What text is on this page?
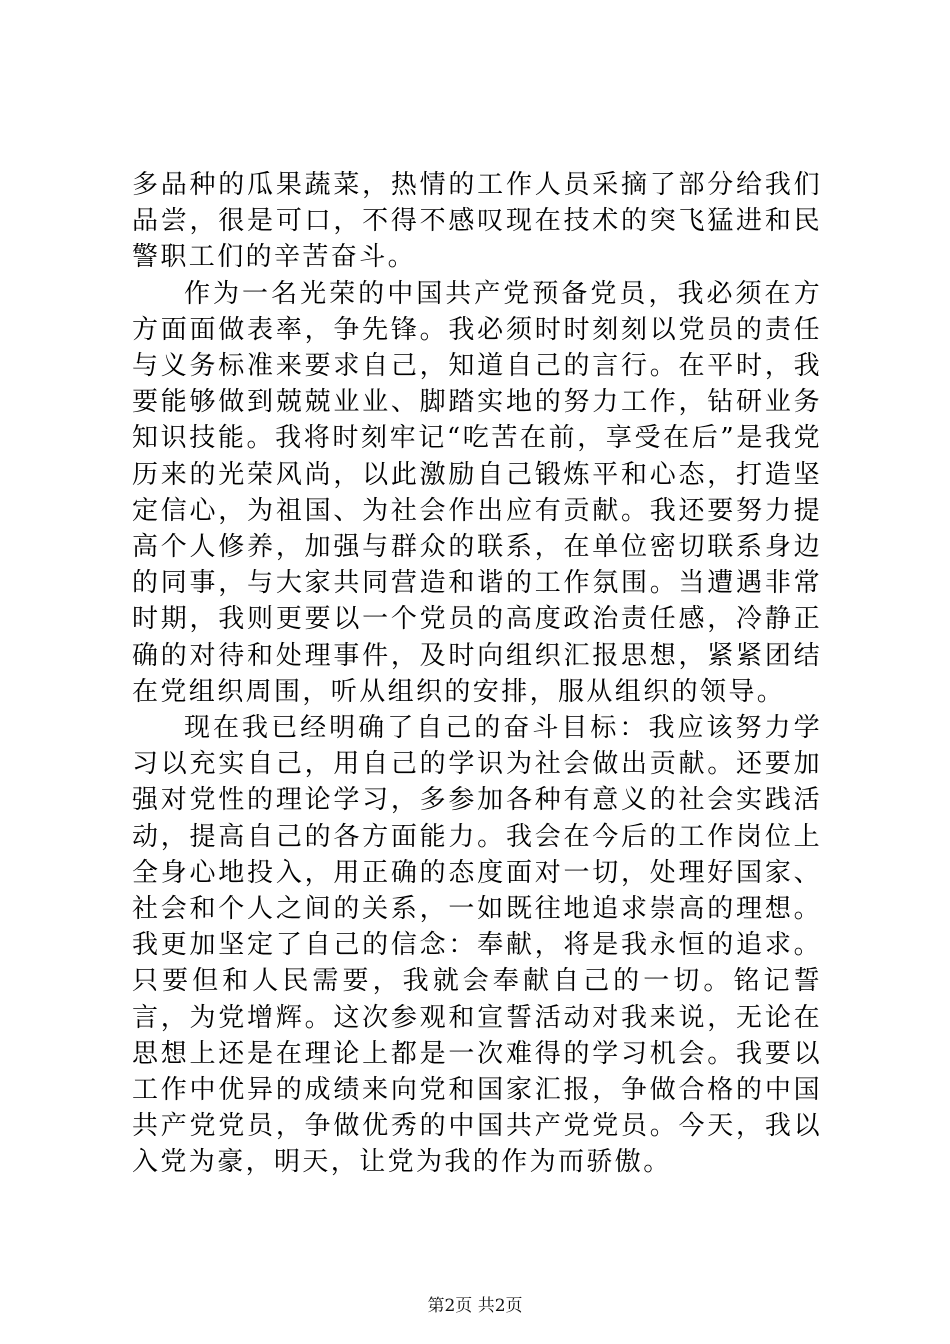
多品种的瓜果蔬菜，热情的工作人员采摘了部分给我们品尝，很是可口，不得不感叹现在技术的突飞猛进和民警职工们的辛苦奋斗。

作为一名光荣的中国共产党预备党员，我必须在方方面面做表率，争先锋。我必须时时刻刻以党员的责任与义务标准来要求自己，知道自己的言行。在平时，我要能够做到兢兢业业、脚踏实地的努力工作，钻研业务知识技能。我将时刻牢记“吃苦在前，享受在后”是我党历来的光荣风尚，以此激励自己锻炼平和心态，打造坚定信心，为祖国、为社会作出应有贡献。我还要努力提高个人修养，加强与群众的联系，在单位密切联系身边的同事，与大家共同营造和谐的工作氛围。当遭遇非常时期，我则更要以一个党员的高度政治责任感，冷静正确的对待和处理事件，及时向组织汇报思想，紧紧团结在党组织周围，听从组织的安排，服从组织的领导。

现在我已经明确了自己的奋斗目标：我应该努力学习以充实自己，用自己的学识为社会做出贡献。还要加强对党性的理论学习，多参加各种有意义的社会实践活动，提高自己的各方面能力。我会在今后的工作岗位上全身心地投入，用正确的态度面对一切，处理好国家、社会和个人之间的关系，一如既往地追求崇高的理想。我更加坚定了自己的信念：奉献，将是我永恒的追求。只要但和人民需要，我就会奉献自己的一切。铭记誓言，为党增辉。这次参观和宣誓活动对我来说，无论在思想上还是在理论上都是一次难得的学习机会。我要以工作中优异的成绩来向党和国家汇报，争做合格的中国共产党党员，争做优秀的中国共产党党员。今天，我以入党为豪，明天，让党为我的作为而骄傲。

第2页 共2页
